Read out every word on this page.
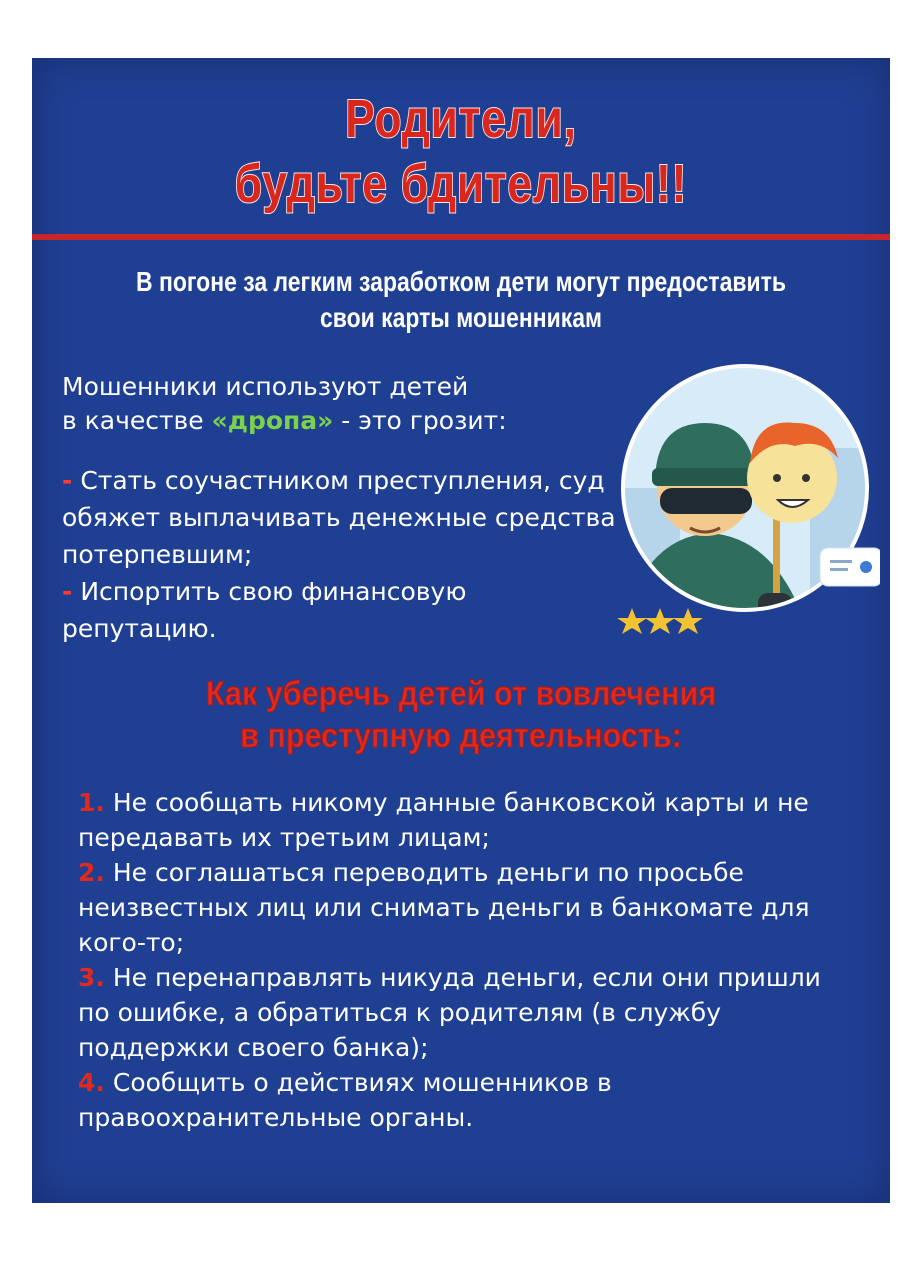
Родители,
будьте бдительны!!
В погоне за легким заработком дети могут предоставить
свои карты мошенникам
Мошенники используют детей
в качестве «дропа» - это грозит:

- Стать соучастником преступления, суд обяжет выплачивать денежные средства потерпевшим;

- Испортить свою финансовую репутацию.

Как уберечь детей от вовлечения
в преступную деятельность:

1. Не сообщать никому данные банковской карты и не передавать их третьим лицам;

2. Не соглашаться переводить деньги по просьбе неизвестных лиц или снимать деньги в банкомате для кого-то;

3. Не перенаправлять никуда деньги, если они пришли по ошибке, а обратиться к родителям (в службу поддержки своего банка);

4. Сообщить о действиях мошенников в правоохранительные органы.
